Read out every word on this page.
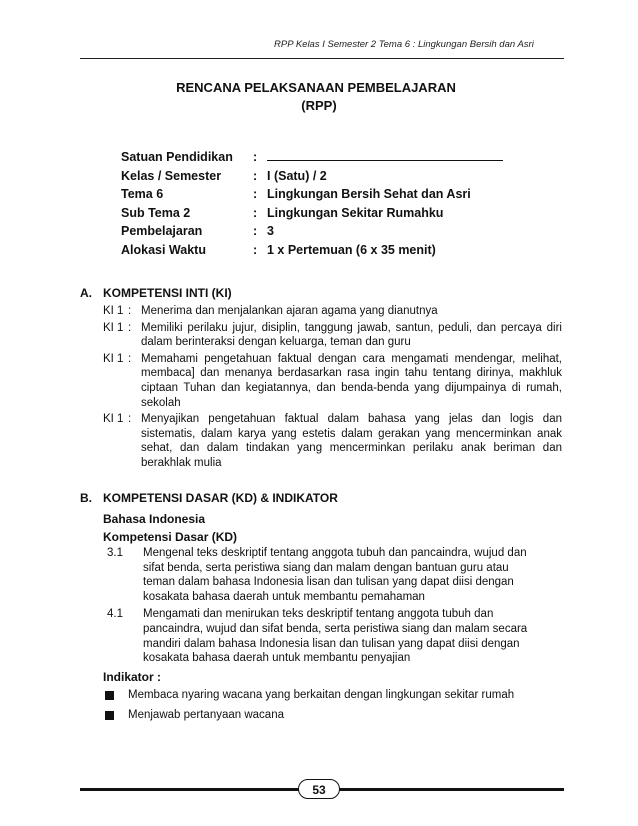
RPP Kelas I Semester 2 Tema 6 : Lingkungan Bersih dan Asri
RENCANA PELAKSANAAN PEMBELAJARAN
(RPP)
Satuan Pendidikan	:
Kelas / Semester	: I (Satu) / 2
Tema 6	: Lingkungan Bersih Sehat dan Asri
Sub Tema 2	: Lingkungan Sekitar Rumahku
Pembelajaran	: 3
Alokasi Waktu	: 1 x Pertemuan (6 x 35 menit)
A. KOMPETENSI INTI (KI)
KI 1 : Menerima dan menjalankan ajaran agama yang dianutnya
KI 1 : Memiliki perilaku jujur, disiplin, tanggung jawab, santun, peduli, dan percaya diri dalam berinteraksi dengan keluarga, teman dan guru
KI 1 : Memahami pengetahuan faktual dengan cara mengamati mendengar, melihat, membaca] dan menanya berdasarkan rasa ingin tahu tentang dirinya, makhluk ciptaan Tuhan dan kegiatannya, dan benda-benda yang dijumpainya di rumah, sekolah
KI 1 : Menyajikan pengetahuan faktual dalam bahasa yang jelas dan logis dan sistematis, dalam karya yang estetis dalam gerakan yang mencerminkan anak sehat, dan dalam tindakan yang mencerminkan perilaku anak beriman dan berakhlak mulia
B. KOMPETENSI DASAR (KD) & INDIKATOR
Bahasa Indonesia
Kompetensi Dasar (KD)
3.1	Mengenal teks deskriptif tentang anggota tubuh dan pancaindra, wujud dan
sifat benda, serta peristiwa siang dan malam dengan bantuan guru atau
teman dalam bahasa Indonesia lisan dan tulisan yang dapat diisi dengan
kosakata bahasa daerah untuk membantu pemahaman
4.1	Mengamati dan menirukan teks deskriptif tentang anggota tubuh dan
pancaindra, wujud dan sifat benda, serta peristiwa siang dan malam secara
mandiri dalam bahasa Indonesia lisan dan tulisan yang dapat diisi dengan
kosakata bahasa daerah untuk membantu penyajian
Indikator :
Membaca nyaring wacana yang berkaitan dengan lingkungan sekitar rumah
Menjawab pertanyaan wacana
53
